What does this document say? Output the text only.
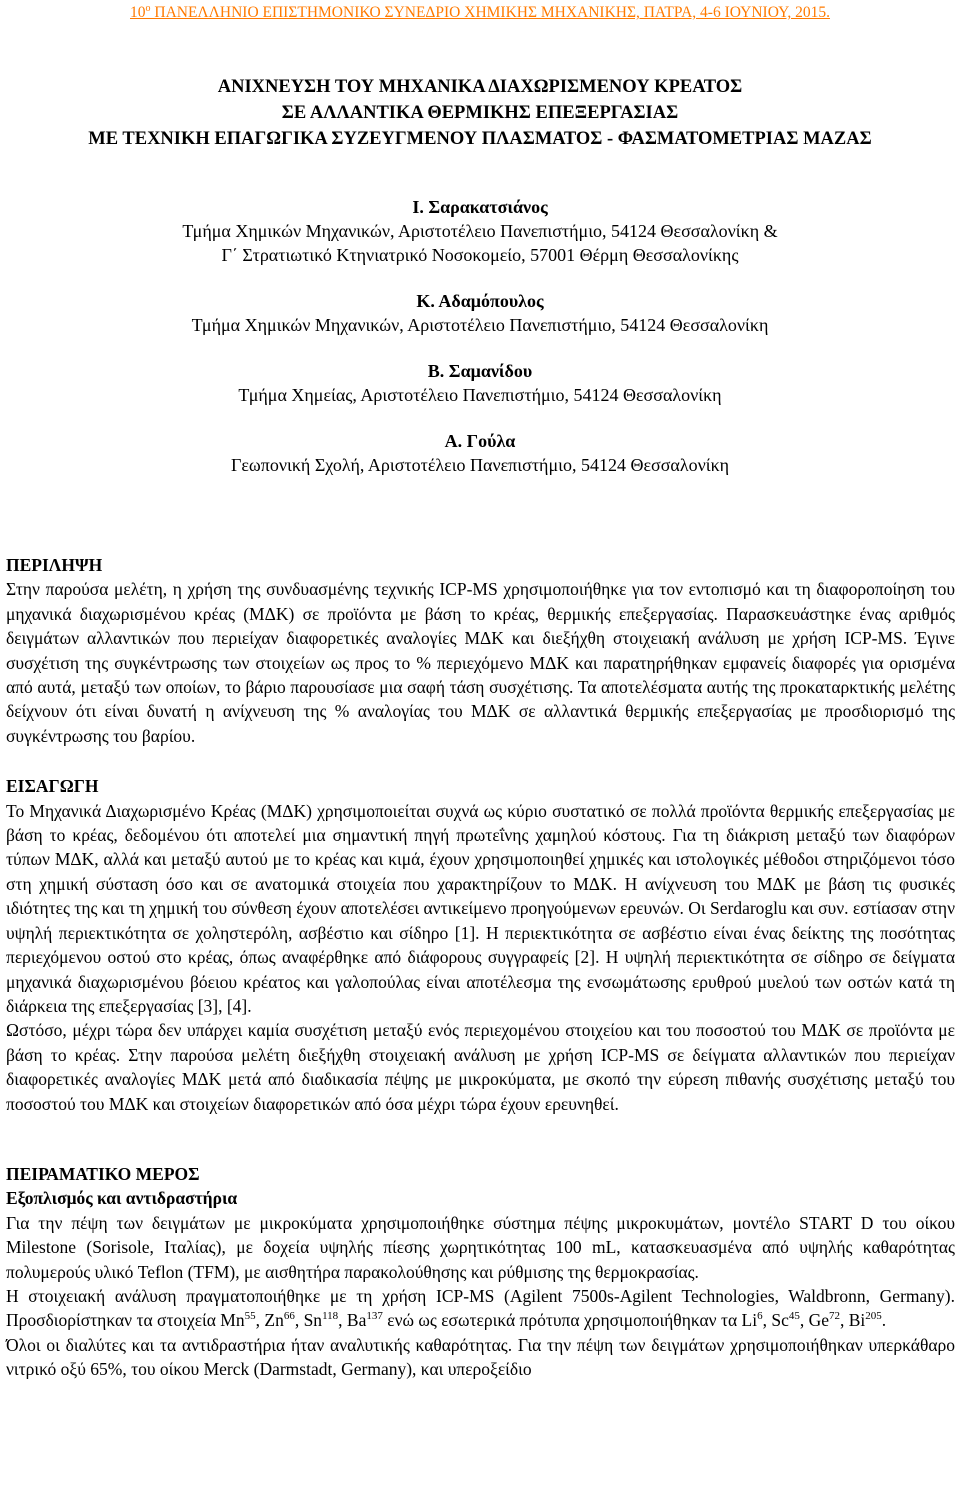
$10^o$ ΠΑΝΕΛΛΗΝΙΟ ΕΠΙΣΤΗΜΟΝΙΚΟ ΣΥΝΕΔΡΙΟ ΧΗΜΙΚΗΣ ΜΗΧΑΝΙΚΗΣ, ΠΑΤΡΑ, 4-6 ΙΟΥΝΙΟΥ, 2015.
ΑΝΙΧΝΕΥΣΗ ΤΟΥ ΜΗΧΑΝΙΚΑ ΔΙΑΧΩΡΙΣΜΕΝΟΥ ΚΡΕΑΤΟΣ
ΣΕ ΑΛΛΑΝΤΙΚΑ ΘΕΡΜΙΚΗΣ ΕΠΕΞΕΡΓΑΣΙΑΣ
ΜΕ ΤΕΧΝΙΚΗ ΕΠΑΓΩΓΙΚΑ ΣΥΖΕΥΓΜΕΝΟΥ ΠΛΑΣΜΑΤΟΣ - ΦΑΣΜΑΤΟΜΕΤΡΙΑΣ ΜΑΖΑΣ
Ι. Σαρακατσιάνος
Τμήμα Χημικών Μηχανικών, Αριστοτέλειο Πανεπιστήμιο, 54124 Θεσσαλονίκη &
Γ΄ Στρατιωτικό Κτηνιατρικό Νοσοκομείο, 57001 Θέρμη Θεσσαλονίκης
Κ. Αδαμόπουλος
Τμήμα Χημικών Μηχανικών, Αριστοτέλειο Πανεπιστήμιο, 54124 Θεσσαλονίκη
Β. Σαμανίδου
Τμήμα Χημείας, Αριστοτέλειο Πανεπιστήμιο, 54124 Θεσσαλονίκη
Α. Γούλα
Γεωπονική Σχολή, Αριστοτέλειο Πανεπιστήμιο, 54124 Θεσσαλονίκη
ΠΕΡΙΛΗΨΗ
Στην παρούσα μελέτη, η χρήση της συνδυασμένης τεχνικής ICP-MS χρησιμοποιήθηκε για τον εντοπισμό και τη διαφοροποίηση του μηχανικά διαχωρισμένου κρέας (ΜΔΚ) σε προϊόντα με βάση το κρέας, θερμικής επεξεργασίας. Παρασκευάστηκε ένας αριθμός δειγμάτων αλλαντικών που περιείχαν διαφορετικές αναλογίες ΜΔΚ και διεξήχθη στοιχειακή ανάλυση με χρήση ICP-MS. Έγινε συσχέτιση της συγκέντρωσης των στοιχείων ως προς το % περιεχόμενο ΜΔΚ και παρατηρήθηκαν εμφανείς διαφορές για ορισμένα από αυτά, μεταξύ των οποίων, το βάριο παρουσίασε μια σαφή τάση συσχέτισης. Τα αποτελέσματα αυτής της προκαταρκτικής μελέτης δείχνουν ότι είναι δυνατή η ανίχνευση της % αναλογίας του ΜΔΚ σε αλλαντικά θερμικής επεξεργασίας με προσδιορισμό της συγκέντρωσης του βαρίου.
ΕΙΣΑΓΩΓΗ
Το Μηχανικά Διαχωρισμένο Κρέας (ΜΔΚ) χρησιμοποιείται συχνά ως κύριο συστατικό σε πολλά προϊόντα θερμικής επεξεργασίας με βάση το κρέας, δεδομένου ότι αποτελεί μια σημαντική πηγή πρωτεΐνης χαμηλού κόστους. Για τη διάκριση μεταξύ των διαφόρων τύπων ΜΔΚ, αλλά και μεταξύ αυτού με το κρέας και κιμά, έχουν χρησιμοποιηθεί χημικές και ιστολογικές μέθοδοι στηριζόμενοι τόσο στη χημική σύσταση όσο και σε ανατομικά στοιχεία που χαρακτηρίζουν το ΜΔΚ. Η ανίχνευση του ΜΔΚ με βάση τις φυσικές ιδιότητες της και τη χημική του σύνθεση έχουν αποτελέσει αντικείμενο προηγούμενων ερευνών. Οι Serdaroglu και συν. εστίασαν στην υψηλή περιεκτικότητα σε χοληστερόλη, ασβέστιο και σίδηρο [1]. Η περιεκτικότητα σε ασβέστιο είναι ένας δείκτης της ποσότητας περιεχόμενου οστού στο κρέας, όπως αναφέρθηκε από διάφορους συγγραφείς [2]. Η υψηλή περιεκτικότητα σε σίδηρο σε δείγματα μηχανικά διαχωρισμένου βόειου κρέατος και γαλοπούλας είναι αποτέλεσμα της ενσωμάτωσης ερυθρού μυελού των οστών κατά τη διάρκεια της επεξεργασίας [3], [4].
Ωστόσο, μέχρι τώρα δεν υπάρχει καμία συσχέτιση μεταξύ ενός περιεχομένου στοιχείου και του ποσοστού του ΜΔΚ σε προϊόντα με βάση το κρέας. Στην παρούσα μελέτη διεξήχθη στοιχειακή ανάλυση με χρήση ICP-MS σε δείγματα αλλαντικών που περιείχαν διαφορετικές αναλογίες ΜΔΚ μετά από διαδικασία πέψης με μικροκύματα, με σκοπό την εύρεση πιθανής συσχέτισης μεταξύ του ποσοστού του ΜΔΚ και στοιχείων διαφορετικών από όσα μέχρι τώρα έχουν ερευνηθεί.
ΠΕΙΡΑΜΑΤΙΚΟ ΜΕΡΟΣ
Εξοπλισμός και αντιδραστήρια
Για την πέψη των δειγμάτων με μικροκύματα χρησιμοποιήθηκε σύστημα πέψης μικροκυμάτων, μοντέλο START D του οίκου Milestone (Sorisole, Ιταλίας), με δοχεία υψηλής πίεσης χωρητικότητας 100 mL, κατασκευασμένα από υψηλής καθαρότητας πολυμερούς υλικό Teflon (TFM), με αισθητήρα παρακολούθησης και ρύθμισης της θερμοκρασίας.
Η στοιχειακή ανάλυση πραγματοποιήθηκε με τη χρήση ICP-MS (Agilent 7500s-Agilent Technologies, Waldbronn, Germany). Προσδιορίστηκαν τα στοιχεία Mn$^{55}$, Zn$^{66}$, Sn$^{118}$, Ba$^{137}$ ενώ ως εσωτερικά πρότυπα χρησιμοποιήθηκαν τα Li$^6$, Sc$^{45}$, Ge$^{72}$, Bi$^{205}$.
Όλοι οι διαλύτες και τα αντιδραστήρια ήταν αναλυτικής καθαρότητας. Για την πέψη των δειγμάτων χρησιμοποιήθηκαν υπερκάθαρο νιτρικό οξύ 65%, του οίκου Merck (Darmstadt, Germany), και υπεροξείδιο
